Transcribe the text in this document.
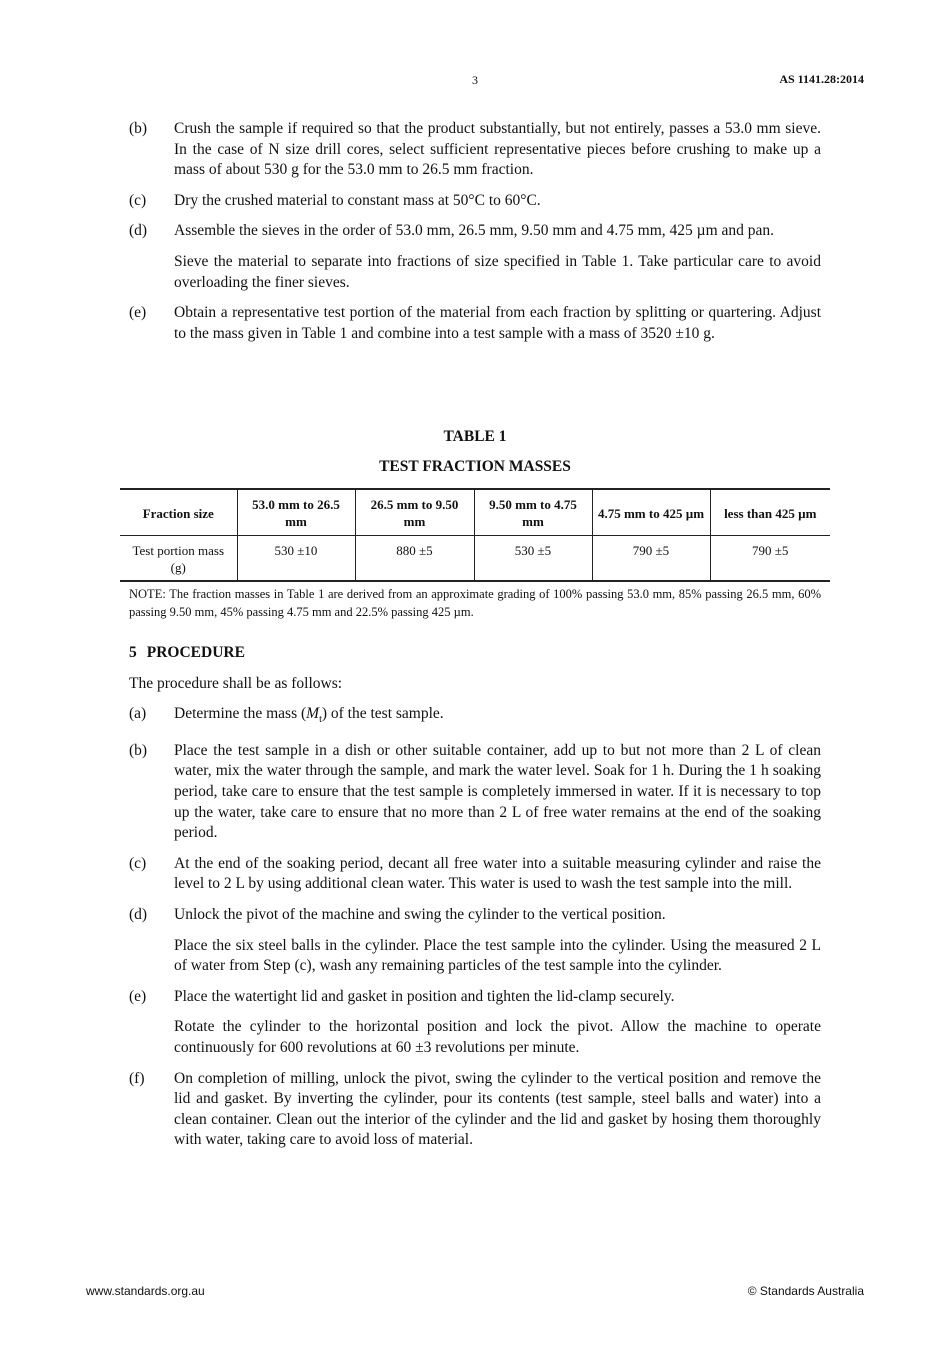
3	AS 1141.28:2014
(b)	Crush the sample if required so that the product substantially, but not entirely, passes a 53.0 mm sieve. In the case of N size drill cores, select sufficient representative pieces before crushing to make up a mass of about 530 g for the 53.0 mm to 26.5 mm fraction.
(c)	Dry the crushed material to constant mass at 50°C to 60°C.
(d)	Assemble the sieves in the order of 53.0 mm, 26.5 mm, 9.50 mm and 4.75 mm, 425 µm and pan.
Sieve the material to separate into fractions of size specified in Table 1. Take particular care to avoid overloading the finer sieves.
(e)	Obtain a representative test portion of the material from each fraction by splitting or quartering. Adjust to the mass given in Table 1 and combine into a test sample with a mass of 3520 ±10 g.
TABLE 1
TEST FRACTION MASSES
Fraction size	53.0 mm to 26.5 mm	26.5 mm to 9.50 mm	9.50 mm to 4.75 mm	4.75 mm to 425 µm	less than 425 µm
Test portion mass (g)	530 ±10	880 ±5	530 ±5	790 ±5	790 ±5
NOTE: The fraction masses in Table 1 are derived from an approximate grading of 100% passing 53.0 mm, 85% passing 26.5 mm, 60% passing 9.50 mm, 45% passing 4.75 mm and 22.5% passing 425 µm.
5 PROCEDURE
The procedure shall be as follows:
(a)	Determine the mass $(M_t)$ of the test sample.
(b)	Place the test sample in a dish or other suitable container, add up to but not more than 2 L of clean water, mix the water through the sample, and mark the water level. Soak for 1 h. During the 1 h soaking period, take care to ensure that the test sample is completely immersed in water. If it is necessary to top up the water, take care to ensure that no more than 2 L of free water remains at the end of the soaking period.
(c)	At the end of the soaking period, decant all free water into a suitable measuring cylinder and raise the level to 2 L by using additional clean water. This water is used to wash the test sample into the mill.
(d)	Unlock the pivot of the machine and swing the cylinder to the vertical position.
Place the six steel balls in the cylinder. Place the test sample into the cylinder. Using the measured 2 L of water from Step (c), wash any remaining particles of the test sample into the cylinder.
(e)	Place the watertight lid and gasket in position and tighten the lid-clamp securely.
Rotate the cylinder to the horizontal position and lock the pivot. Allow the machine to operate continuously for 600 revolutions at 60 ±3 revolutions per minute.
(f)	On completion of milling, unlock the pivot, swing the cylinder to the vertical position and remove the lid and gasket. By inverting the cylinder, pour its contents (test sample, steel balls and water) into a clean container. Clean out the interior of the cylinder and the lid and gasket by hosing them thoroughly with water, taking care to avoid loss of material.
www.standards.org.au	© Standards Australia
